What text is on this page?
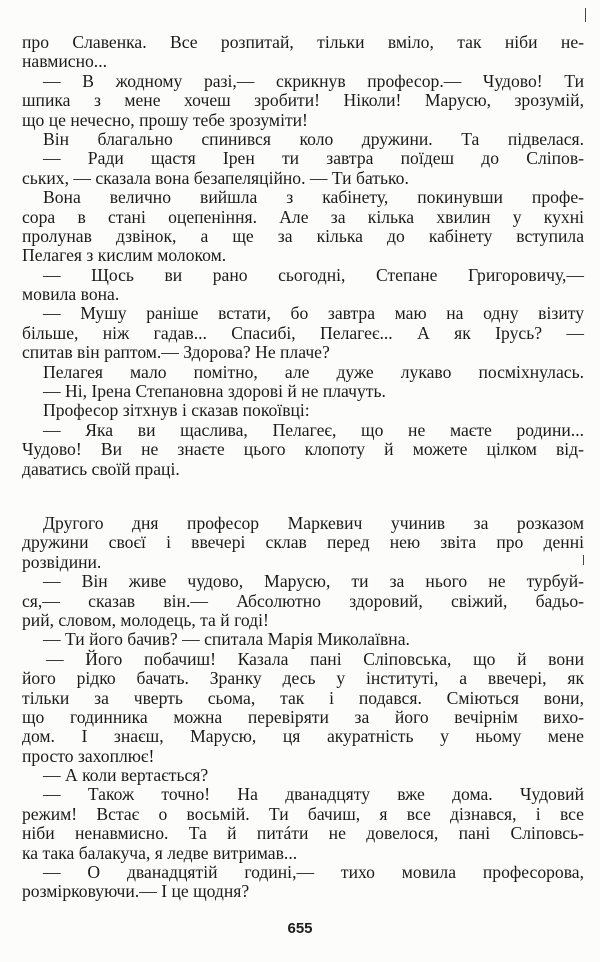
про Славенка. Все розпитай, тільки вміло, так ніби не-
навмисно...
— В жодному разі,— скрикнув професор.— Чудово! Ти
шпика з мене хочеш зробити! Ніколи! Марусю, зрозумій,
що це нечесно, прошу тебе зрозуміти!
Він благально спинився коло дружини. Та підвелася.
— Ради щастя Ірен ти завтра поїдеш до Сліпов-
ських, — сказала вона безапеляційно. — Ти батько.
Вона велично вийшла з кабінету, покинувши профе-
сора в стані оцепеніння. Але за кілька хвилин у кухні
пролунав дзвінок, а ще за кілька до кабінету вступила
Пелагея з кислим молоком.
— Щось ви рано сьогодні, Степане Григоровичу,—
мовила вона.
— Мушу раніше встати, бо завтра маю на одну візиту
більше, ніж гадав... Спасибі, Пелагеє... А як Ірусь? —
спитав він раптом.— Здорова? Не плаче?
Пелагея мало помітно, але дуже лукаво посміхнулась.
— Ні, Ірена Степановна здорові й не плачуть.
Професор зітхнув і сказав покоївці:
— Яка ви щаслива, Пелагеє, що не маєте родини...
Чудово! Ви не знаєте цього клопоту й можете цілком від-
даватись своїй праці.
Другого дня професор Маркевич учинив за розказом
дружини своєї і ввечері склав перед нею звіта про денні
розвідини.
— Він живе чудово, Марусю, ти за нього не турбуй-
ся,— сказав він.— Абсолютно здоровий, свіжий, бадьо-
рий, словом, молодець, та й годі!
— Ти його бачив? — спитала Марія Миколаївна.
— Його побачиш! Казала пані Сліповська, що й вони
його рідко бачать. Зранку десь у інституті, а ввечері, як
тільки за чверть сьома, так і подався. Сміються вони,
що годинника можна перевіряти за його вечірнім вихо-
дом. І знаєш, Марусю, ця акуратність у ньому мене
просто захоплює!
— А коли вертається?
— Також точно! На дванадцяту вже дома. Чудовий
режим! Встає о восьмій. Ти бачиш, я все дізнався, і все
ніби ненавмисно. Та й питáти не довелося, пані Сліповсь-
ка така балакуча, я ледве витримав...
— О дванадцятій годині,— тихо мовила професорова,
розмірковуючи.— І це щодня?
655
